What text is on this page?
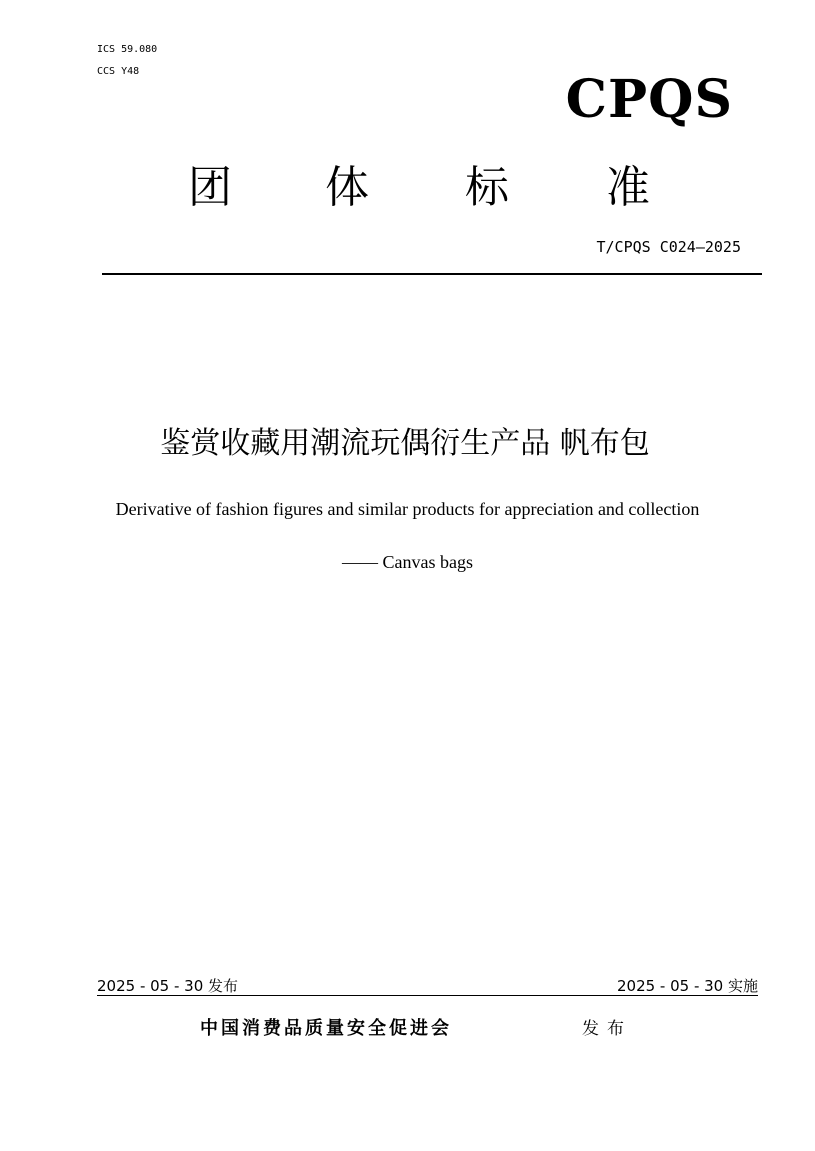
ICS 59.080
CCS Y48	CPQS
团 体 标 准
T/CPQS C024—2025
鉴赏收藏用潮流玩偶衍生产品 帆布包
Derivative of fashion figures and similar products for appreciation and collection
—— Canvas bags
2025 - 05 - 30 发布	2025 - 05 - 30 实施
中国消费品质量安全促进会	发布
